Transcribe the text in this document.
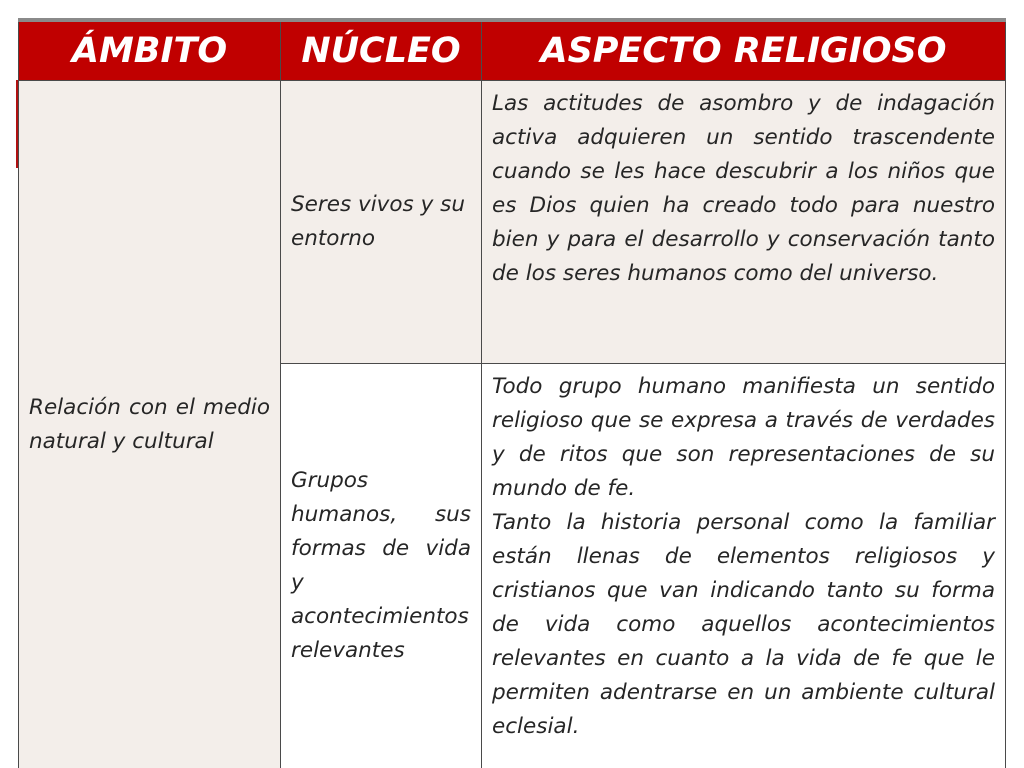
ÁMBITO	NÚCLEO	ASPECTO RELIGIOSO

Relación con el medio natural y cultural	Seres vivos y su entorno	Las actitudes de asombro y de indagación activa adquieren un sentido trascendente cuando se les hace descubrir a los niños que es Dios quien ha creado todo para nuestro bien y para el desarrollo y conservación tanto de los seres humanos como del universo.

	Grupos humanos, sus formas de vida y acontecimientos relevantes	Todo grupo humano manifiesta un sentido religioso que se expresa a través de verdades y de ritos que son representaciones de su mundo de fe.
Tanto la historia personal como la familiar están llenas de elementos religiosos y cristianos que van indicando tanto su forma de vida como aquellos acontecimientos relevantes en cuanto a la vida de fe que le permiten adentrarse en un ambiente cultural eclesial.
